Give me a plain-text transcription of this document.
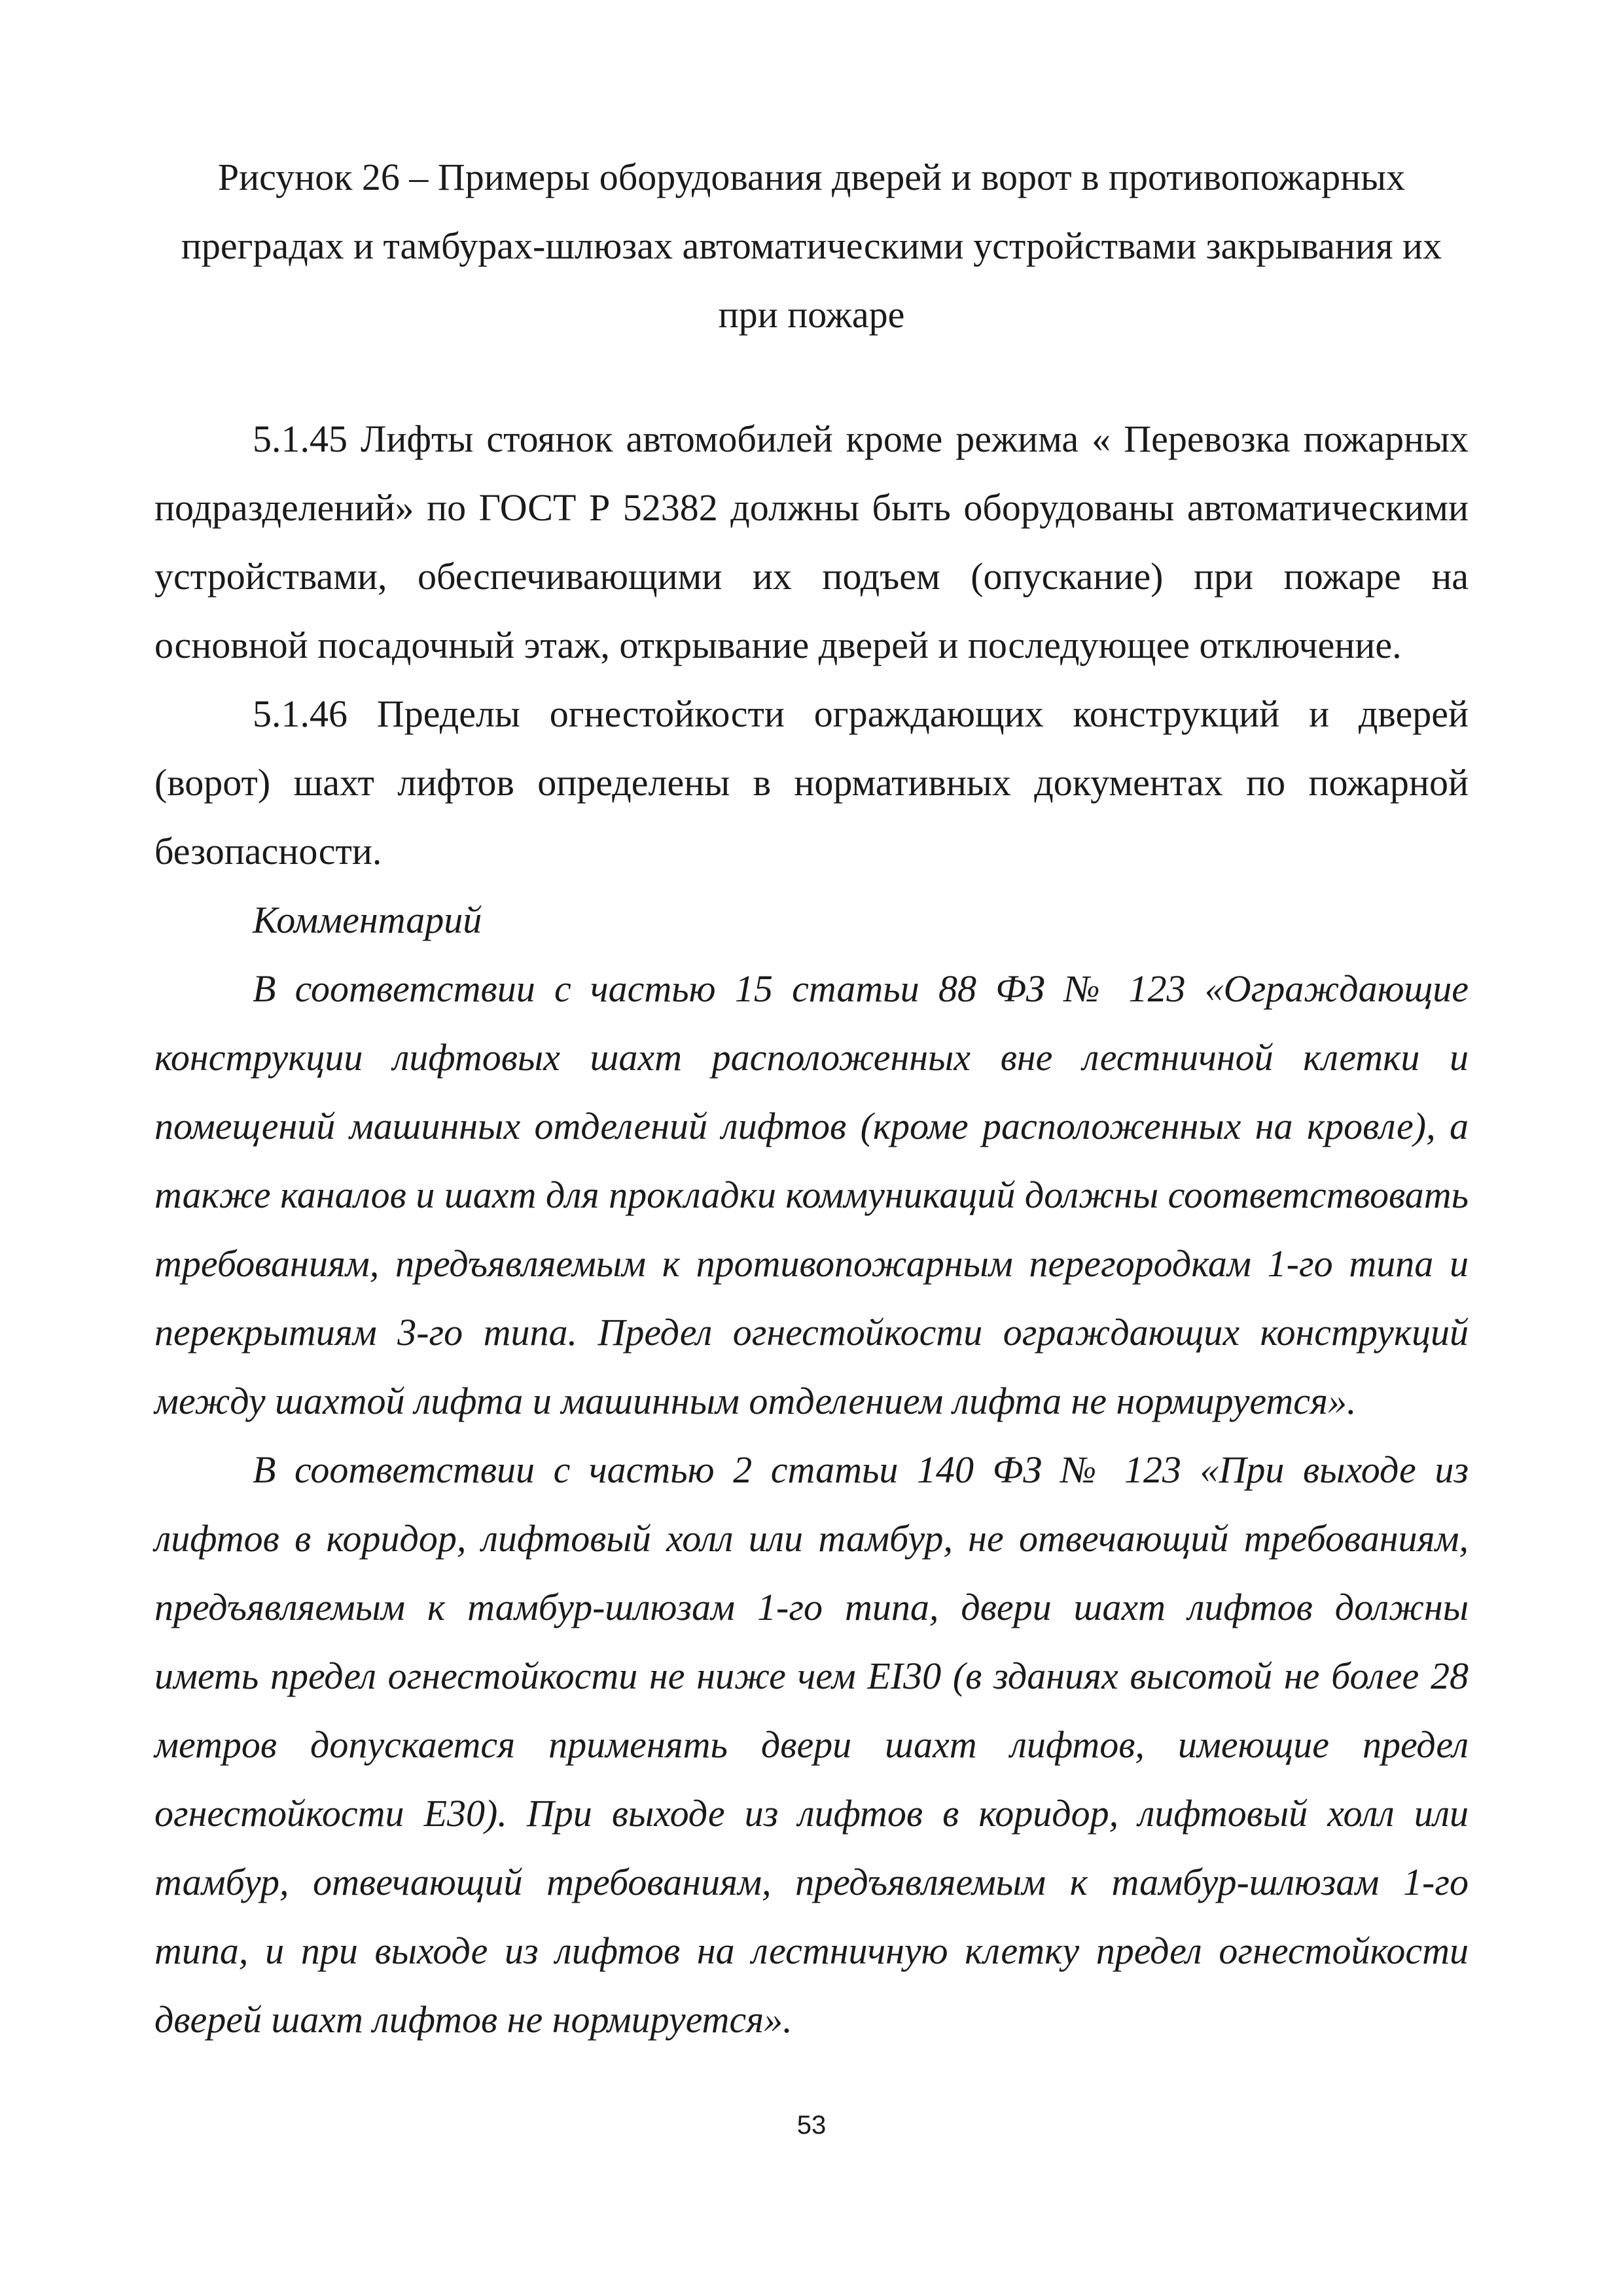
Рисунок 26 – Примеры оборудования дверей и ворот в противопожарных преградах и тамбурах-шлюзах автоматическими устройствами закрывания их при пожаре

5.1.45 Лифты стоянок автомобилей кроме режима « Перевозка пожарных подразделений» по ГОСТ Р 52382 должны быть оборудованы автоматическими устройствами, обеспечивающими их подъем (опускание) при пожаре на основной посадочный этаж, открывание дверей и последующее отключение.

5.1.46 Пределы огнестойкости ограждающих конструкций и дверей (ворот) шахт лифтов определены в нормативных документах по пожарной безопасности.

Комментарий

В соответствии с частью 15 статьи 88 ФЗ № 123 «Ограждающие конструкции лифтовых шахт расположенных вне лестничной клетки и помещений машинных отделений лифтов (кроме расположенных на кровле), а также каналов и шахт для прокладки коммуникаций должны соответствовать требованиям, предъявляемым к противопожарным перегородкам 1-го типа и перекрытиям 3-го типа. Предел огнестойкости ограждающих конструкций между шахтой лифта и машинным отделением лифта не нормируется».

В соответствии с частью 2 статьи 140 ФЗ № 123 «При выходе из лифтов в коридор, лифтовый холл или тамбур, не отвечающий требованиям, предъявляемым к тамбур-шлюзам 1-го типа, двери шахт лифтов должны иметь предел огнестойкости не ниже чем EI30 (в зданиях высотой не более 28 метров допускается применять двери шахт лифтов, имеющие предел огнестойкости E30). При выходе из лифтов в коридор, лифтовый холл или тамбур, отвечающий требованиям, предъявляемым к тамбур-шлюзам 1-го типа, и при выходе из лифтов на лестничную клетку предел огнестойкости дверей шахт лифтов не нормируется».

53
